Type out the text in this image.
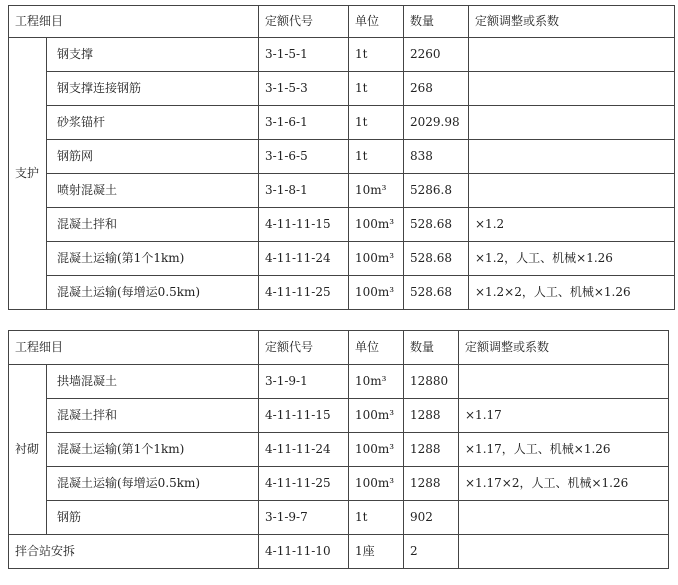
工程细目		定额代号	单位	数量	定额调整或系数
支护	钢支撑	3-1-5-1	1t	2260	
	钢支撑连接钢筋	3-1-5-3	1t	268	
	砂浆锚杆	3-1-6-1	1t	2029.98	
	钢筋网	3-1-6-5	1t	838	
	喷射混凝土	3-1-8-1	10m³	5286.8	
	混凝土拌和	4-11-11-15	100m³	528.68	×1.2
	混凝土运输(第1个1km)	4-11-11-24	100m³	528.68	×1.2，人工、机械×1.26
	混凝土运输(每增运0.5km)	4-11-11-25	100m³	528.68	×1.2×2，人工、机械×1.26
工程细目		定额代号	单位	数量	定额调整或系数
衬砌	拱墙混凝土	3-1-9-1	10m³	12880	
	混凝土拌和	4-11-11-15	100m³	1288	×1.17
	混凝土运输(第1个1km)	4-11-11-24	100m³	1288	×1.17，人工、机械×1.26
	混凝土运输(每增运0.5km)	4-11-11-25	100m³	1288	×1.17×2，人工、机械×1.26
	钢筋	3-1-9-7	1t	902	
拌合站安拆		4-11-11-10	1座	2	
